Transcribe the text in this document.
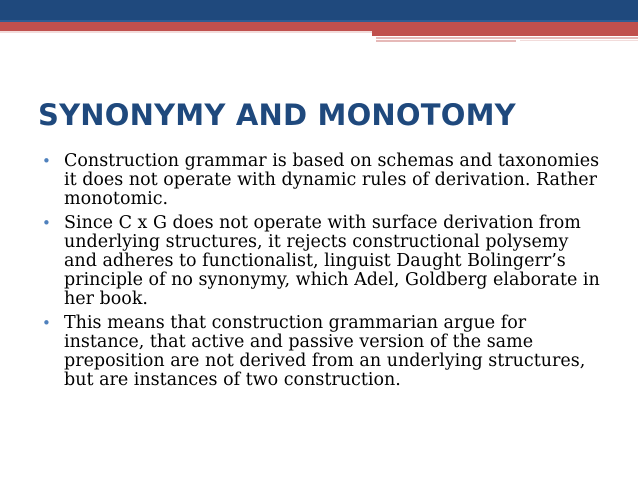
SYNONYMY AND MONOTOMY
• Construction grammar is based on schemas and taxonomies it does not operate with dynamic rules of derivation. Rather monotomic.
• Since C x G does not operate with surface derivation from underlying structures, it rejects constructional polysemy and adheres to functionalist, linguist Daught Bolingerr’s principle of no synonymy, which Adel, Goldberg elaborate in her book.
• This means that construction grammarian argue for instance, that active and passive version of the same preposition are not derived from an underlying structures, but are instances of two construction.
